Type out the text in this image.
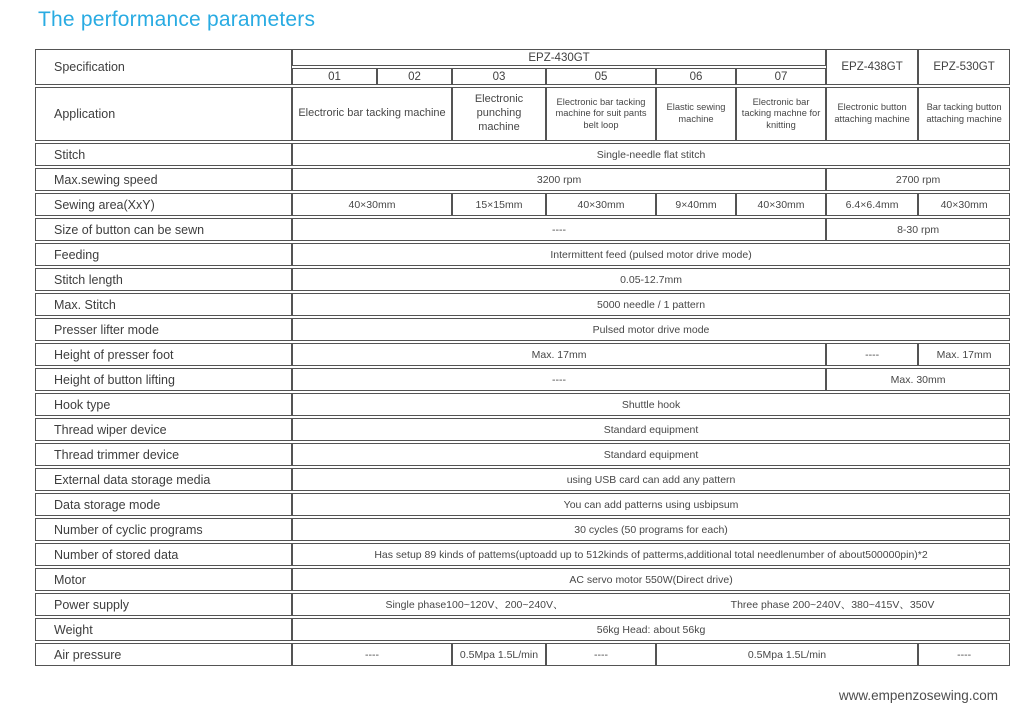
The performance parameters
Specification	EPZ-430GT						EPZ-438GT	EPZ-530GT
	01	02	03	05	06	07		
Application	Electroric bar tacking machine		Electronic punching machine	Electronic bar tacking machine for suit pants belt loop	Elastic sewing machine	Electronic bar tacking machne for knitting	Electronic button attaching machine	Bar tacking button attaching machine
Stitch	Single-needle flat stitch							
Max.sewing speed	3200 rpm						2700 rpm	
Sewing area(XxY)	40×30mm		15×15mm	40×30mm	9×40mm	40×30mm	6.4×6.4mm	40×30mm
Size of button can be sewn	----						8-30 rpm	
Feeding	Intermittent feed (pulsed motor drive mode)							
Stitch length	0.05-12.7mm							
Max. Stitch	5000 needle / 1 pattern							
Presser lifter mode	Pulsed motor drive mode							
Height of presser foot	Max. 17mm						----	Max. 17mm
Height of button lifting	----						Max. 30mm	
Hook type	Shuttle hook							
Thread wiper device	Standard equipment							
Thread trimmer device	Standard equipment							
External data storage media	using USB card can add any pattern							
Data storage mode	You can add patterns using usbipsum							
Number of cyclic programs	30 cycles (50 programs for each)							
Number of stored data	Has setup 89 kinds of pattems(uptoadd up to 512kinds of patterms,additional total needlenumber of about500000pin)*2							
Motor	AC servo motor 550W(Direct drive)							
Power supply	Single phase100~120V、200~240V、				Three phase 200~240V、380~415V、350V			
Weight	56kg Head: about 56kg							
Air pressure	----		0.5Mpa 1.5L/min	----	0.5Mpa 1.5L/min			----
www.empenzosewing.com
